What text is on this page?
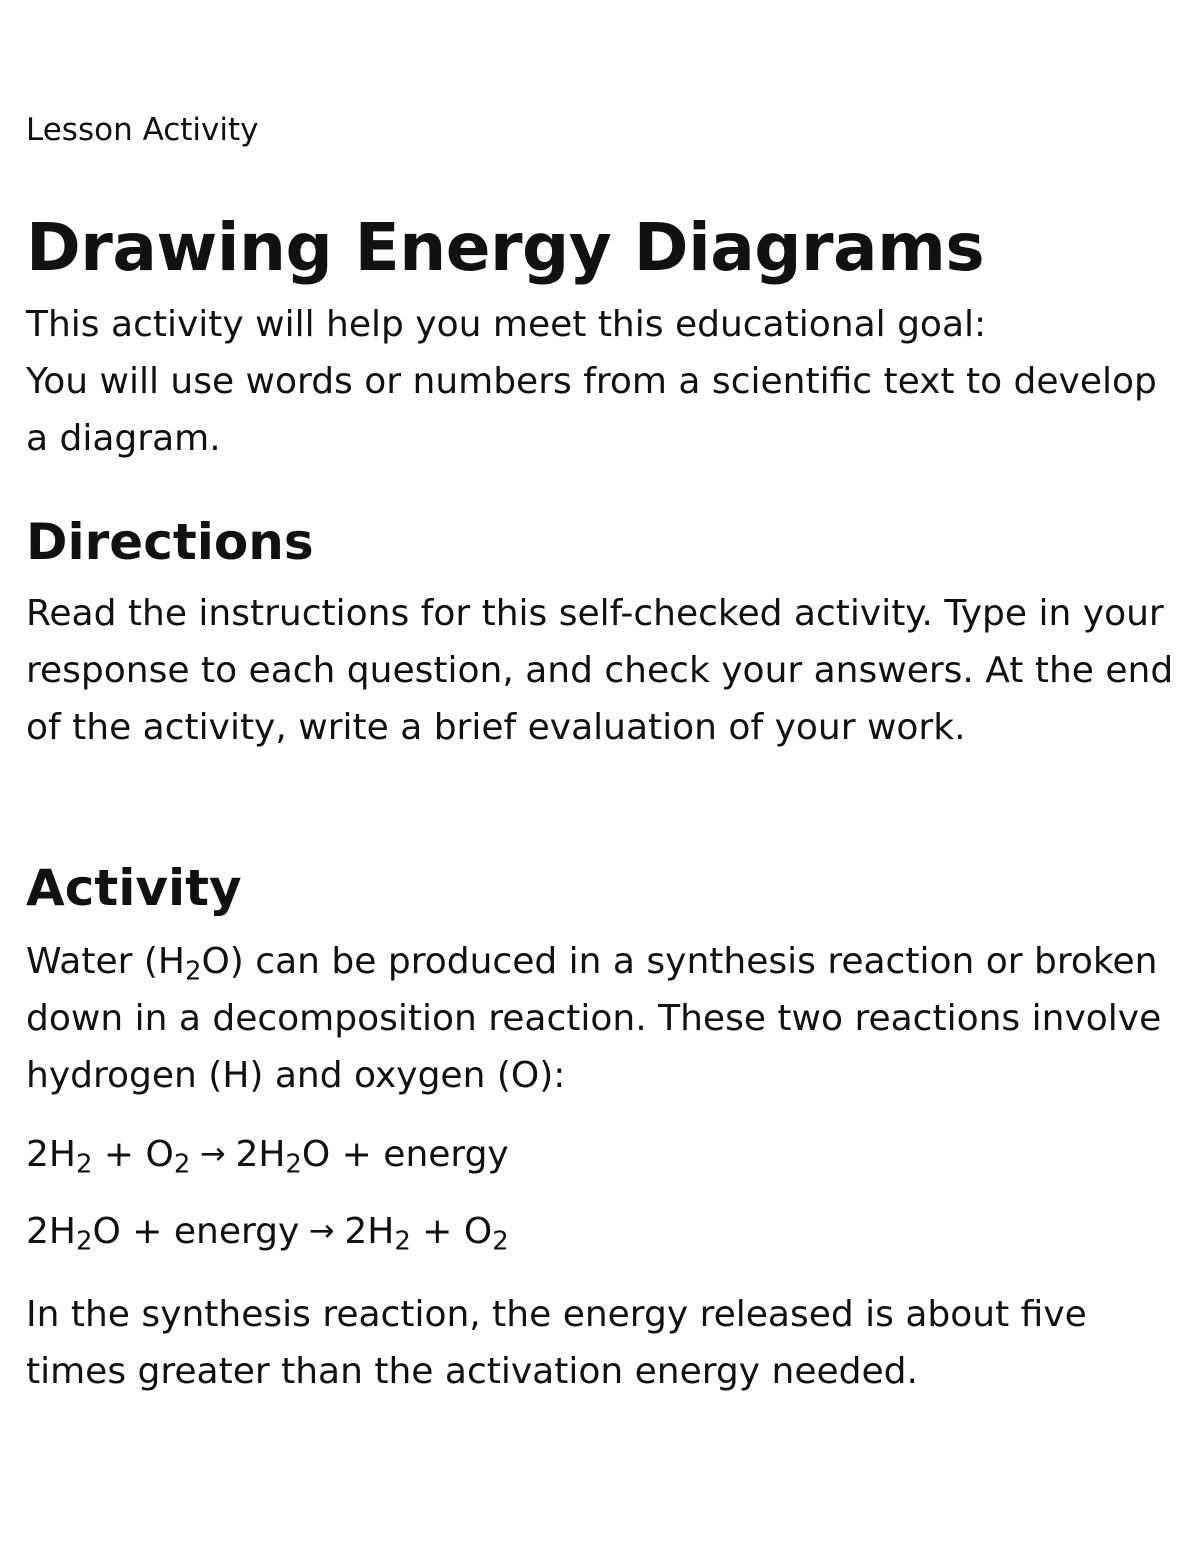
Lesson Activity
Drawing Energy Diagrams

This activity will help you meet this educational goal:

You will use words or numbers from a scientific text to develop a diagram.

Directions

Read the instructions for this self-checked activity. Type in your response to each question, and check your answers. At the end of the activity, write a brief evaluation of your work.

Activity

Water $(H_2O)$ can be produced in a synthesis reaction or broken down in a decomposition reaction. These two reactions involve hydrogen (H) and oxygen (O):

$2H_2 + O_2 \to 2H_2O$ + energy
$2H_2O$ + energy → $2H_2 + O_2$

In the synthesis reaction, the energy released is about five times greater than the activation energy needed.
